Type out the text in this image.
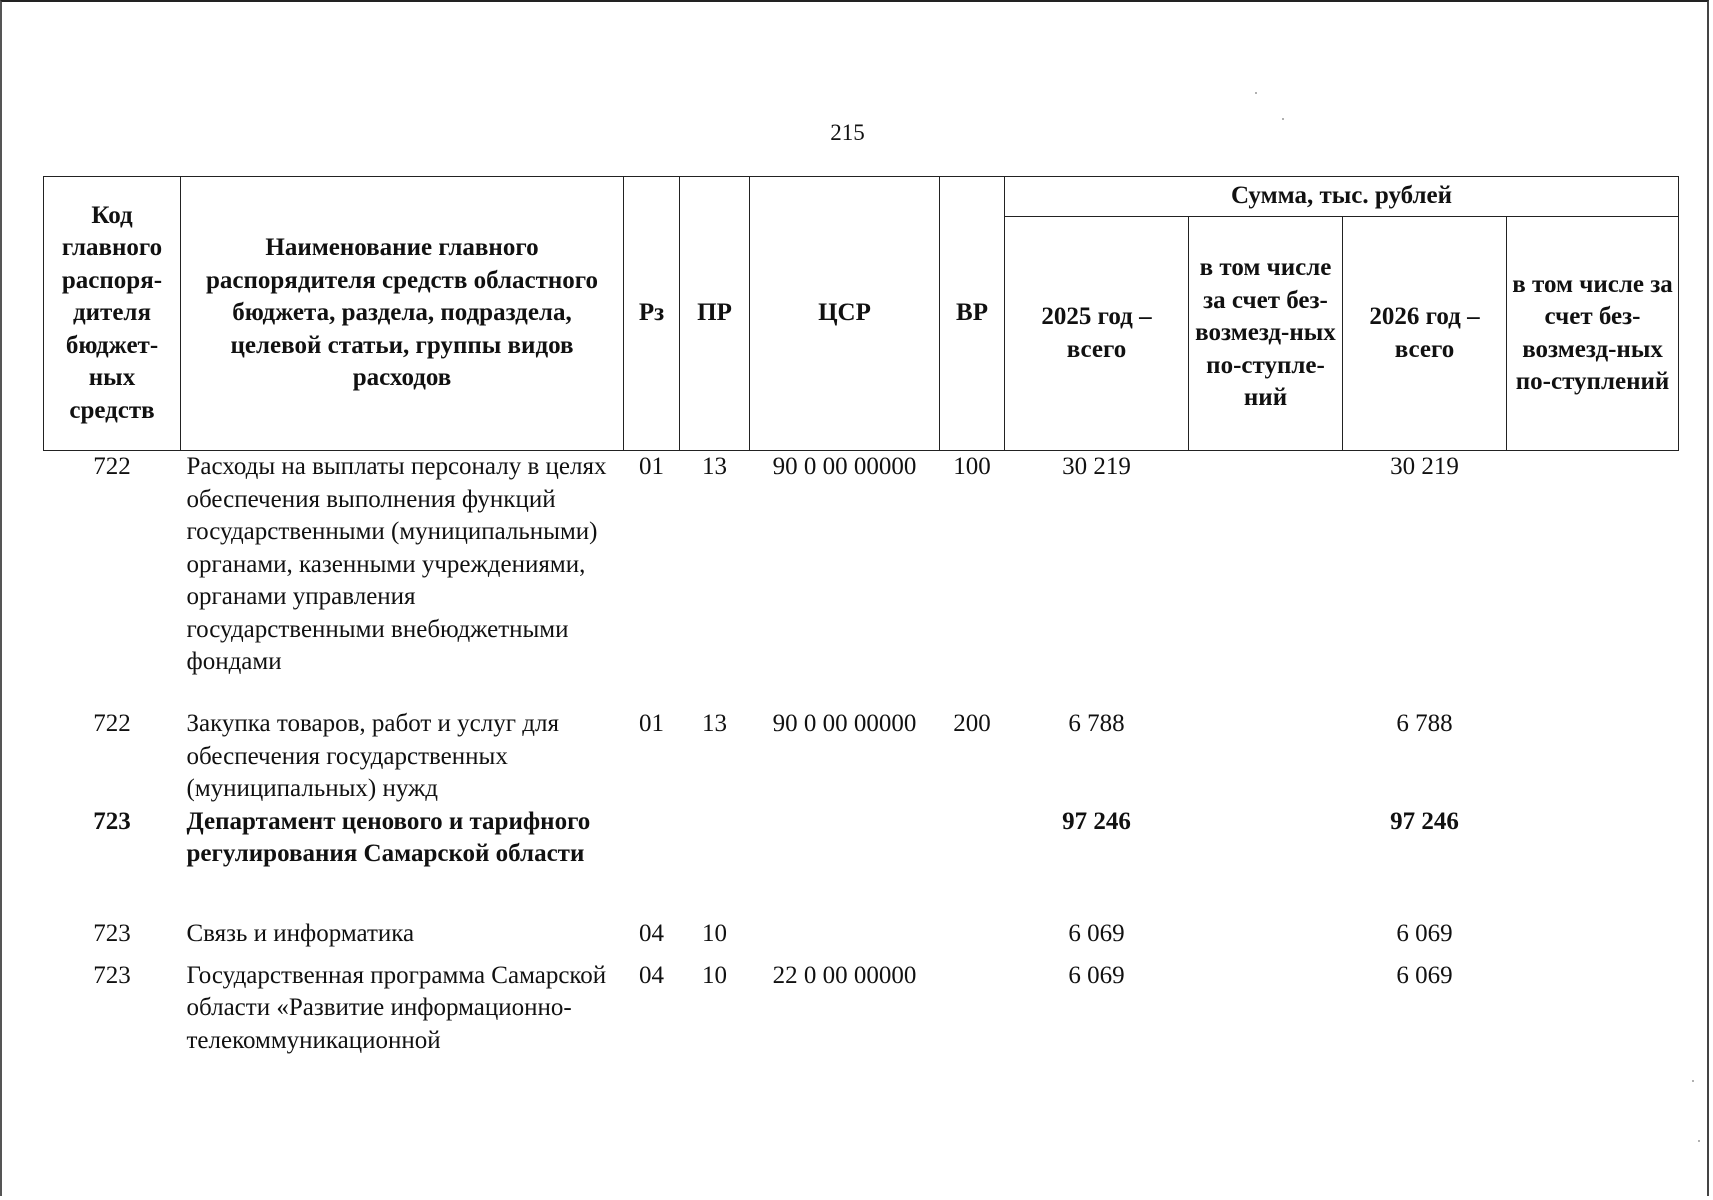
215
Код главного распоря-дителя бюджет-ных средств	Наименование главного распорядителя средств областного бюджета, раздела, подраздела, целевой статьи, группы видов расходов	Рз	ПР	ЦСР	ВР	Сумма, тыс. рублей			
						2025 год – всего	в том числе за счет без-возмезд-ных по-ступле-ний	2026 год – всего	в том числе за счет без-возмезд-ных по-ступлений
722	Расходы на выплаты персоналу в целях обеспечения выполнения функций государственными (муниципальными) органами, казенными учреждениями, органами управления государственными внебюджетными фондами	01	13	90 0 00 00000	100	30 219		30 219	
722	Закупка товаров, работ и услуг для обеспечения государственных (муниципальных) нужд	01	13	90 0 00 00000	200	6 788		6 788	
723	Департамент ценового и тарифного регулирования Самарской области					97 246		97 246	
723	Связь и информатика	04	10			6 069		6 069	
723	Государственная программа Самарской области «Развитие информационно-телекоммуникационной	04	10	22 0 00 00000		6 069		6 069	
